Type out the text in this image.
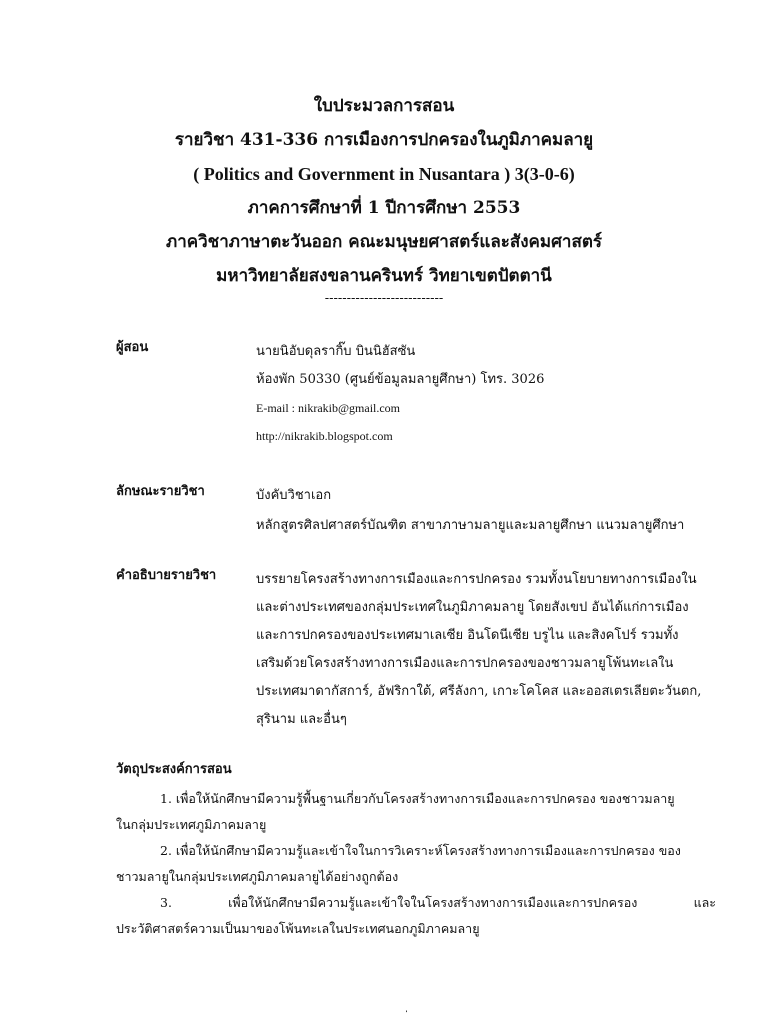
ใบประมวลการสอน
รายวิชา 431-336 การเมืองการปกครองในภูมิภาคมลายู
( Politics and Government in Nusantara ) 3(3-0-6)
ภาคการศึกษาที่ 1 ปีการศึกษา 2553
ภาควิชาภาษาตะวันออก คณะมนุษยศาสตร์และสังคมศาสตร์
มหาวิทยาลัยสงขลานครินทร์ วิทยาเขตปัตตานี
---------------------------
ผู้สอน	นายนิอับดุลรากิ๊บ บินนิฮัสซัน
ห้องพัก 50330 (ศูนย์ข้อมูลมลายูศึกษา) โทร. 3026
E-mail : nikrakib@gmail.com
http://nikrakib.blogspot.com
ลักษณะรายวิชา	บังคับวิชาเอก
หลักสูตรศิลปศาสตร์บัณฑิต สาขาภาษามลายูและมลายูศึกษา แนวมลายูศึกษา
คำอธิบายรายวิชา	บรรยายโครงสร้างทางการเมืองและการปกครอง รวมทั้งนโยบายทางการเมืองใน
และต่างประเทศของกลุ่มประเทศในภูมิภาคมลายู โดยสังเขป อันได้แก่การเมือง
และการปกครองของประเทศมาเลเซีย อินโดนีเซีย บรูไน และสิงคโปร์ รวมทั้ง
เสริมด้วยโครงสร้างทางการเมืองและการปกครองของชาวมลายูโพ้นทะเลใน
ประเทศมาดากัสการ์, อัฟริกาใต้, ศรีลังกา, เกาะโคโคส และออสเตรเลียตะวันตก,
สุรินาม และอื่นๆ
วัตถุประสงค์การสอน
1. เพื่อให้นักศึกษามีความรู้พื้นฐานเกี่ยวกับโครงสร้างทางการเมืองและการปกครอง ของชาวมลายู
ในกลุ่มประเทศภูมิภาคมลายู
2. เพื่อให้นักศึกษามีความรู้และเข้าใจในการวิเคราะห์โครงสร้างทางการเมืองและการปกครอง ของ
ชาวมลายูในกลุ่มประเทศภูมิภาคมลายูได้อย่างถูกต้อง
3.	เพื่อให้นักศึกษามีความรู้และเข้าใจในโครงสร้างทางการเมืองและการปกครอง	และ
ประวัติศาสตร์ความเป็นมาของโพ้นทะเลในประเทศนอกภูมิภาคมลายู
